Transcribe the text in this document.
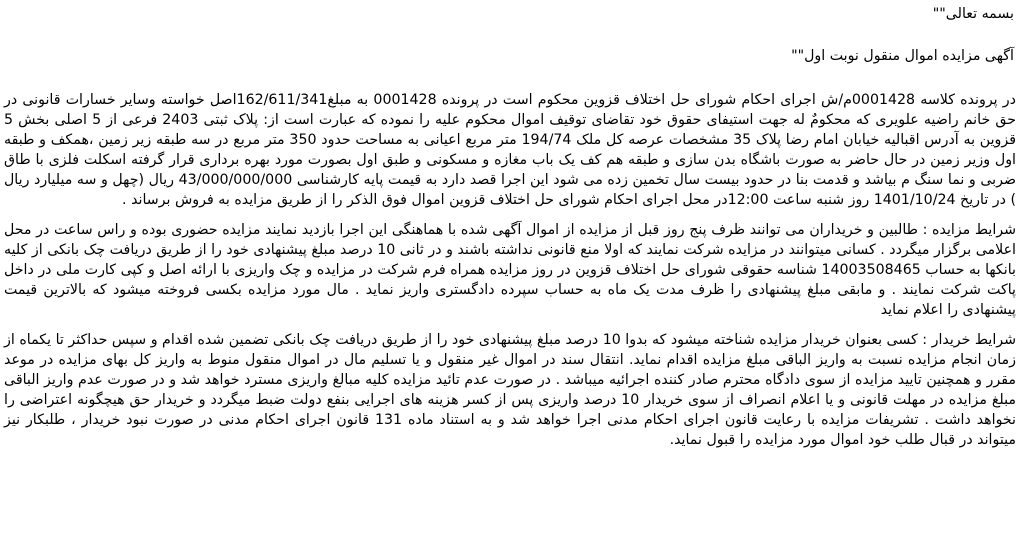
بسمه تعالی""

آگهی مزایده اموال منقول نوبت اول""

در پرونده کلاسه 0001428م/ش اجرای احکام شورای حل اختلاف قزوین محکوم است در پرونده 0001428 به مبلغ162/611/341اصل خواسته وسایر خسارات قانونی در حق خانم راضیه علویری که محکومٌ له جهت استیفای حقوق خود تقاضای توقیف اموال محکوم علیه را نموده که عبارت است از: پلاک ثبتی 2403 فرعی از 5 اصلی بخش 5 قزوین به آدرس اقبالیه خیابان امام رضا پلاک 35 مشخصات عرصه کل ملک 194/74 متر مربع اعیانی به مساحت حدود 350 متر مربع در سه طبقه زیر زمین ،همکف و طبقه اول وزیر زمین در حال حاضر به صورت باشگاه بدن سازی و طبقه هم کف یک باب مغازه و مسکونی و طبق اول بصورت مورد بهره برداری قرار گرفته اسکلت فلزی با طاق ضربی و نما سنگ م بیاشد و قدمت بنا در حدود بیست سال تخمین زده می شود این اجرا قصد دارد به قیمت پایه کارشناسی 43/000/000/000 ریال (چهل و سه میلیارد ریال ) در تاریخ 1401/10/24 روز شنبه ساعت 12:00در محل اجرای احکام شورای حل اختلاف قزوین اموال فوق الذکر را از طریق مزایده به فروش برساند .

شرایط مزایده : طالبین و خریداران می توانند ظرف پنج روز قبل از مزایده از اموال آگهی شده با هماهنگی این اجرا بازدید نمایند مزایده حضوری بوده و راس ساعت در محل اعلامی برگزار میگردد . کسانی میتوانند در مزایده شرکت نمایند که اولا منع قانونی نداشته باشند و در ثانی 10 درصد مبلغ پیشنهادی خود را از طریق دریافت چک بانکی از کلیه بانکها به حساب 14003508465 شناسه حقوقی شورای حل اختلاف قزوین در روز مزایده همراه فرم شرکت در مزایده و چک واریزی با ارائه اصل و کپی کارت ملی در داخل پاکت شرکت نمایند . و مابقی مبلغ پیشنهادی را ظرف مدت یک ماه به حساب سپرده دادگستری واریز نماید . مال مورد مزایده بکسی فروخته میشود که بالاترین قیمت پیشنهادی را اعلام نماید

شرایط خریدار : کسی بعنوان خریدار مزایده شناخته میشود که بدوا 10 درصد مبلغ پیشنهادی خود را از طریق دریافت چک بانکی تضمین شده اقدام و سپس حداکثر تا یکماه از زمان انجام مزایده نسبت به واریز الباقی مبلغ مزایده اقدام نماید. انتقال سند در اموال غیر منقول و یا تسلیم مال در اموال منقول منوط به واریز کل بهای مزایده در موعد مقرر و همچنین تایید مزایده از سوی دادگاه محترم صادر کننده اجرائیه میباشد . در صورت عدم تائید مزایده کلیه مبالغ واریزی مسترد خواهد شد و در صورت عدم واریز الباقی مبلغ مزایده در مهلت قانونی و یا اعلام انصراف از سوی خریدار 10 درصد واریزی پس از کسر هزینه های اجرایی بنفع دولت ضبط میگردد و خریدار حق هیچگونه اعتراضی را نخواهد داشت . تشریفات مزایده با رعایت قانون اجرای احکام مدنی اجرا خواهد شد و به استناد ماده 131 قانون اجرای احکام مدنی در صورت نبود خریدار ، طلبکار نیز میتواند در قبال طلب خود اموال مورد مزایده را قبول نماید.
